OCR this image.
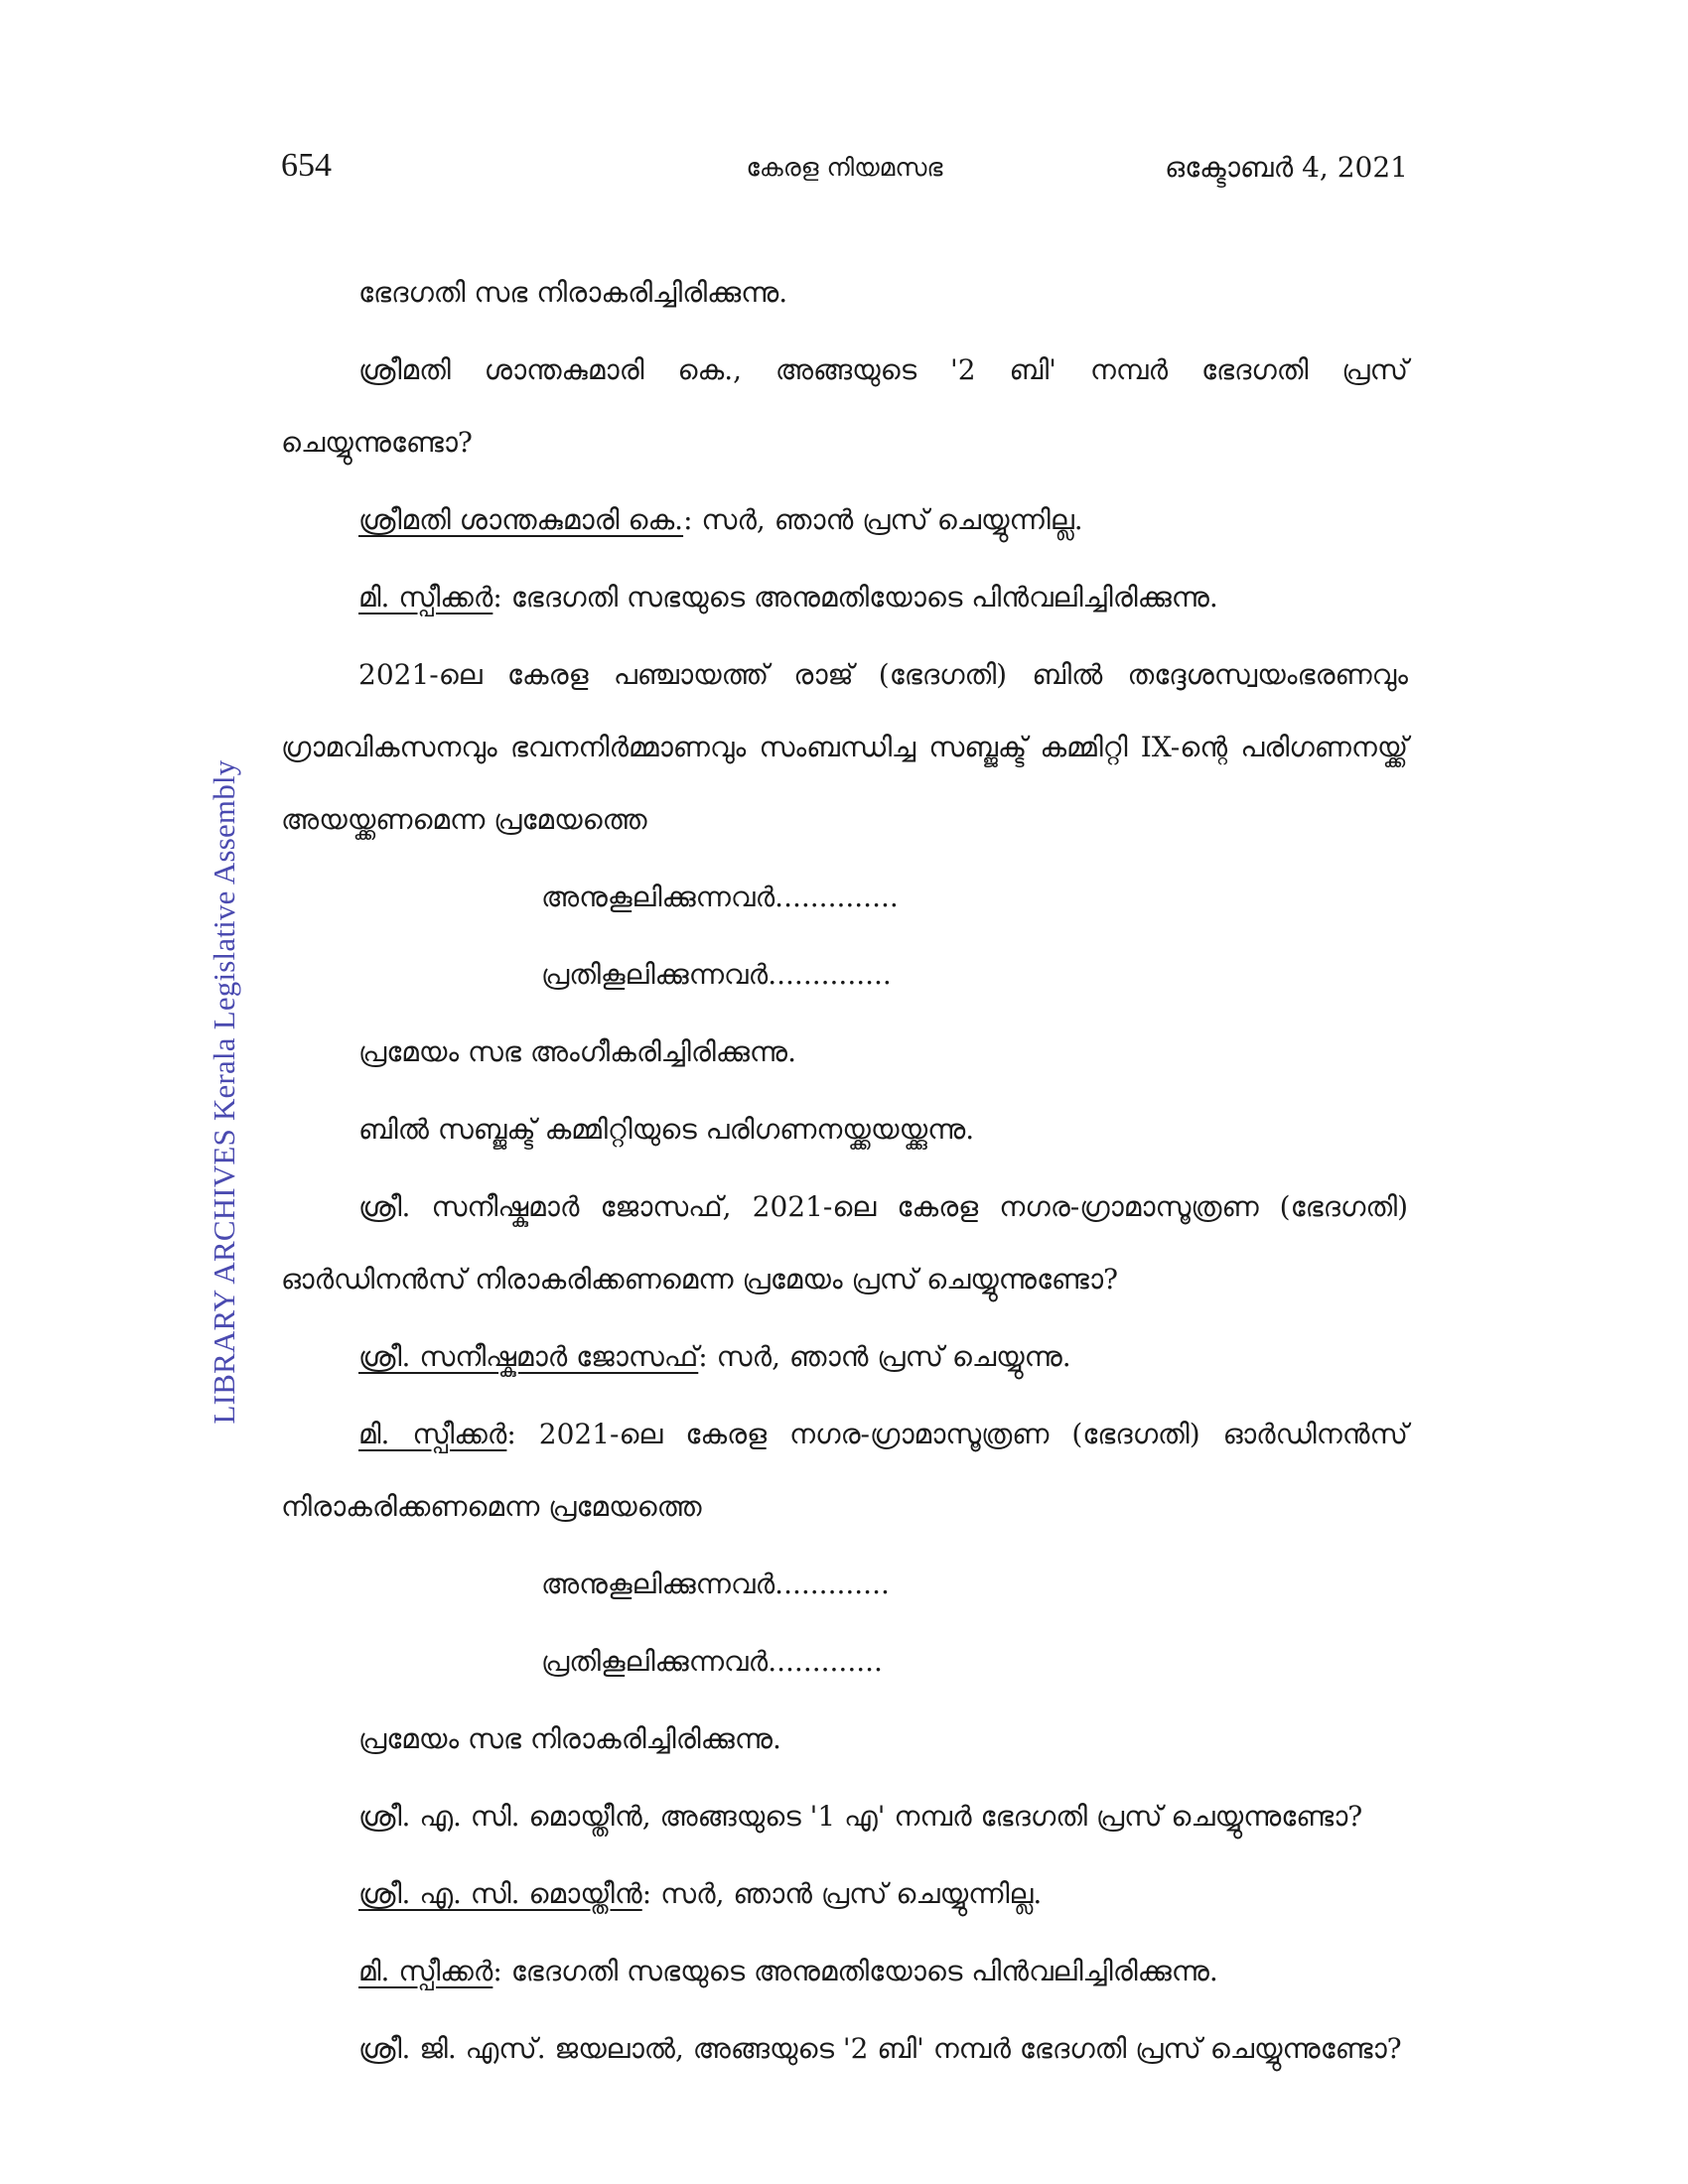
654	കേരള നിയമസഭ	ഒക്ടോബർ 4, 2021
LIBRARY ARCHIVES Kerala Legislative Assembly

ഭേദഗതി സഭ നിരാകരിച്ചിരിക്കുന്നു.

ശ്രീമതി ശാന്തകുമാരി കെ., അങ്ങയുടെ '2 ബി' നമ്പർ ഭേദഗതി പ്രസ് ചെയ്യുന്നുണ്ടോ?

ശ്രീമതി ശാന്തകുമാരി കെ.: സർ, ഞാൻ പ്രസ് ചെയ്യുന്നില്ല.

മി. സ്പീക്കർ: ഭേദഗതി സഭയുടെ അനുമതിയോടെ പിൻവലിച്ചിരിക്കുന്നു.

2021-ലെ കേരള പഞ്ചായത്ത് രാജ് (ഭേദഗതി) ബിൽ തദ്ദേശസ്വയംഭരണവും ഗ്രാമവികസനവും ഭവനനിർമ്മാണവും സംബന്ധിച്ച സബ്ജക്ട് കമ്മിറ്റി IX-ന്റെ പരിഗണനയ്ക്ക് അയയ്ക്കണമെന്ന പ്രമേയത്തെ

അനുകൂലിക്കുന്നവർ..............

പ്രതികൂലിക്കുന്നവർ..............

പ്രമേയം സഭ അംഗീകരിച്ചിരിക്കുന്നു.

ബിൽ സബ്ജക്ട് കമ്മിറ്റിയുടെ പരിഗണനയ്ക്കയയ്ക്കുന്നു.

ശ്രീ. സനീഷ്കുമാർ ജോസഫ്, 2021-ലെ കേരള നഗര-ഗ്രാമാസൂത്രണ (ഭേദഗതി) ഓർഡിനൻസ് നിരാകരിക്കണമെന്ന പ്രമേയം പ്രസ് ചെയ്യുന്നുണ്ടോ?

ശ്രീ. സനീഷ്കുമാർ ജോസഫ്: സർ, ഞാൻ പ്രസ് ചെയ്യുന്നു.

മി. സ്പീക്കർ: 2021-ലെ കേരള നഗര-ഗ്രാമാസൂത്രണ (ഭേദഗതി) ഓർഡിനൻസ് നിരാകരിക്കണമെന്ന പ്രമേയത്തെ

അനുകൂലിക്കുന്നവർ.............

പ്രതികൂലിക്കുന്നവർ.............

പ്രമേയം സഭ നിരാകരിച്ചിരിക്കുന്നു.

ശ്രീ. എ. സി. മൊയ്തീൻ, അങ്ങയുടെ '1 എ' നമ്പർ ഭേദഗതി പ്രസ് ചെയ്യുന്നുണ്ടോ?

ശ്രീ. എ. സി. മൊയ്തീൻ: സർ, ഞാൻ പ്രസ് ചെയ്യുന്നില്ല.

മി. സ്പീക്കർ: ഭേദഗതി സഭയുടെ അനുമതിയോടെ പിൻവലിച്ചിരിക്കുന്നു.

ശ്രീ. ജി. എസ്. ജയലാൽ, അങ്ങയുടെ '2 ബി' നമ്പർ ഭേദഗതി പ്രസ് ചെയ്യുന്നുണ്ടോ?
